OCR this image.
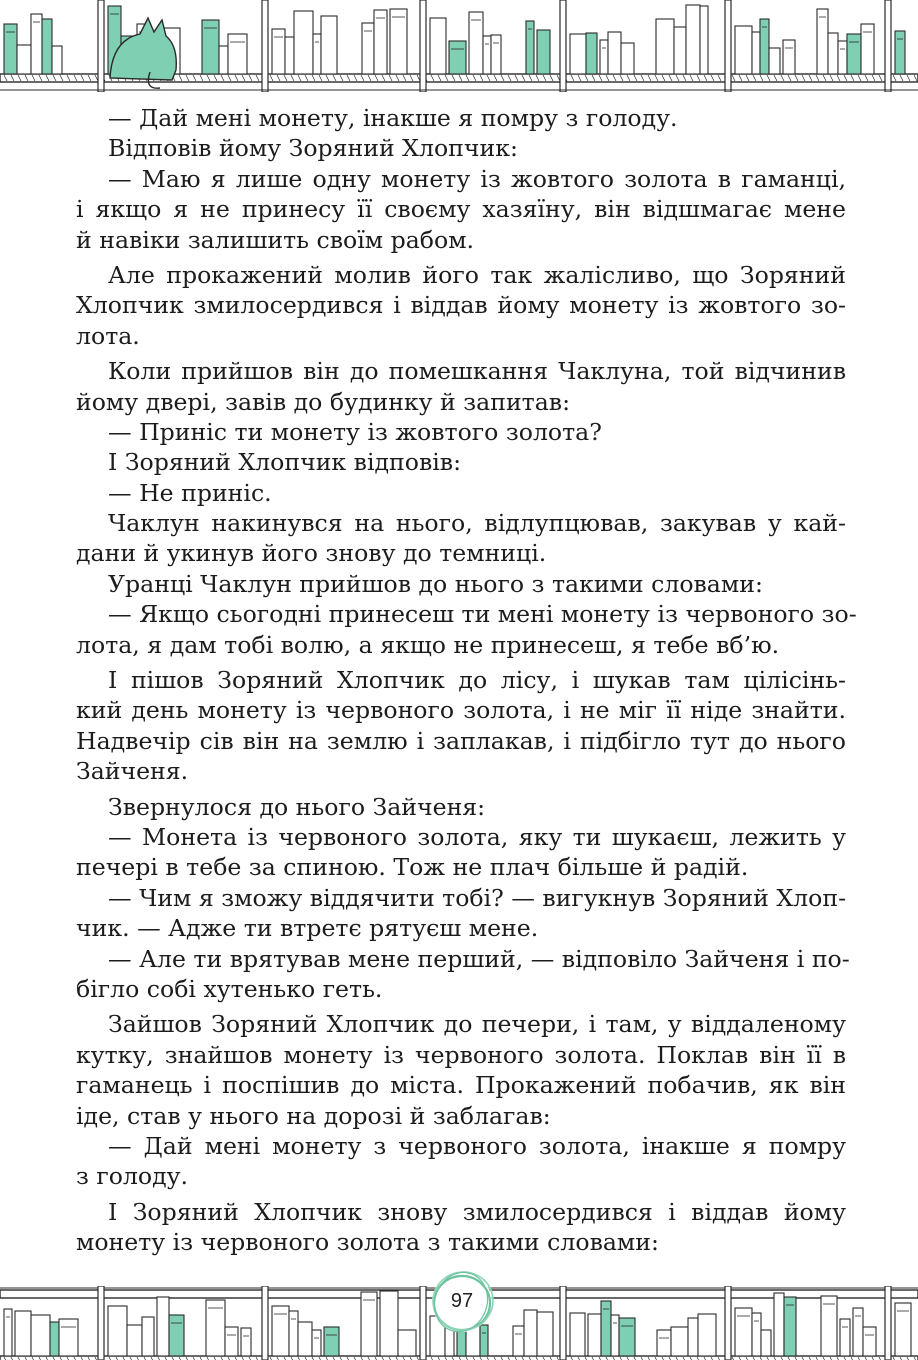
— Дай мені монету, інакше я помру з голоду.

Відповів йому Зоряний Хлопчик:

— Маю я лише одну монету із жовтого золота в гаманці,

і якщо я не принесу її своєму хазяїну, він відшмагає мене

й навіки залишить своїм рабом.

Але прокажений молив його так жалісливо, що Зоряний

Хлопчик змилосердився і віддав йому монету із жовтого зо-

лота.

Коли прийшов він до помешкання Чаклуна, той відчинив

йому двері, завів до будинку й запитав:

— Приніс ти монету із жовтого золота?

І Зоряний Хлопчик відповів:

— Не приніс.

Чаклун накинувся на нього, відлупцював, закував у кай-

дани й укинув його знову до темниці.

Уранці Чаклун прийшов до нього з такими словами:

— Якщо сьогодні принесеш ти мені монету із червоного зо-

лота, я дам тобі волю, а якщо не принесеш, я тебе вб’ю.

І пішов Зоряний Хлопчик до лісу, і шукав там цілісінь-

кий день монету із червоного золота, і не міг її ніде знайти.

Надвечір сів він на землю і заплакав, і підбігло тут до нього

Зайченя.

Звернулося до нього Зайченя:

— Монета із червоного золота, яку ти шукаєш, лежить у

печері в тебе за спиною. Тож не плач більше й радій.

— Чим я зможу віддячити тобі? — вигукнув Зоряний Хлоп-

чик. — Адже ти втретє рятуєш мене.

— Але ти врятував мене перший, — відповіло Зайченя і по-

бігло собі хутенько геть.

Зайшов Зоряний Хлопчик до печери, і там, у віддаленому

кутку, знайшов монету із червоного золота. Поклав він її в

гаманець і поспішив до міста. Прокажений побачив, як він

іде, став у нього на дорозі й заблагав:

— Дай мені монету з червоного золота, інакше я помру

з голоду.

І Зоряний Хлопчик знову змилосердився і віддав йому

монету із червоного золота з такими словами:

97
